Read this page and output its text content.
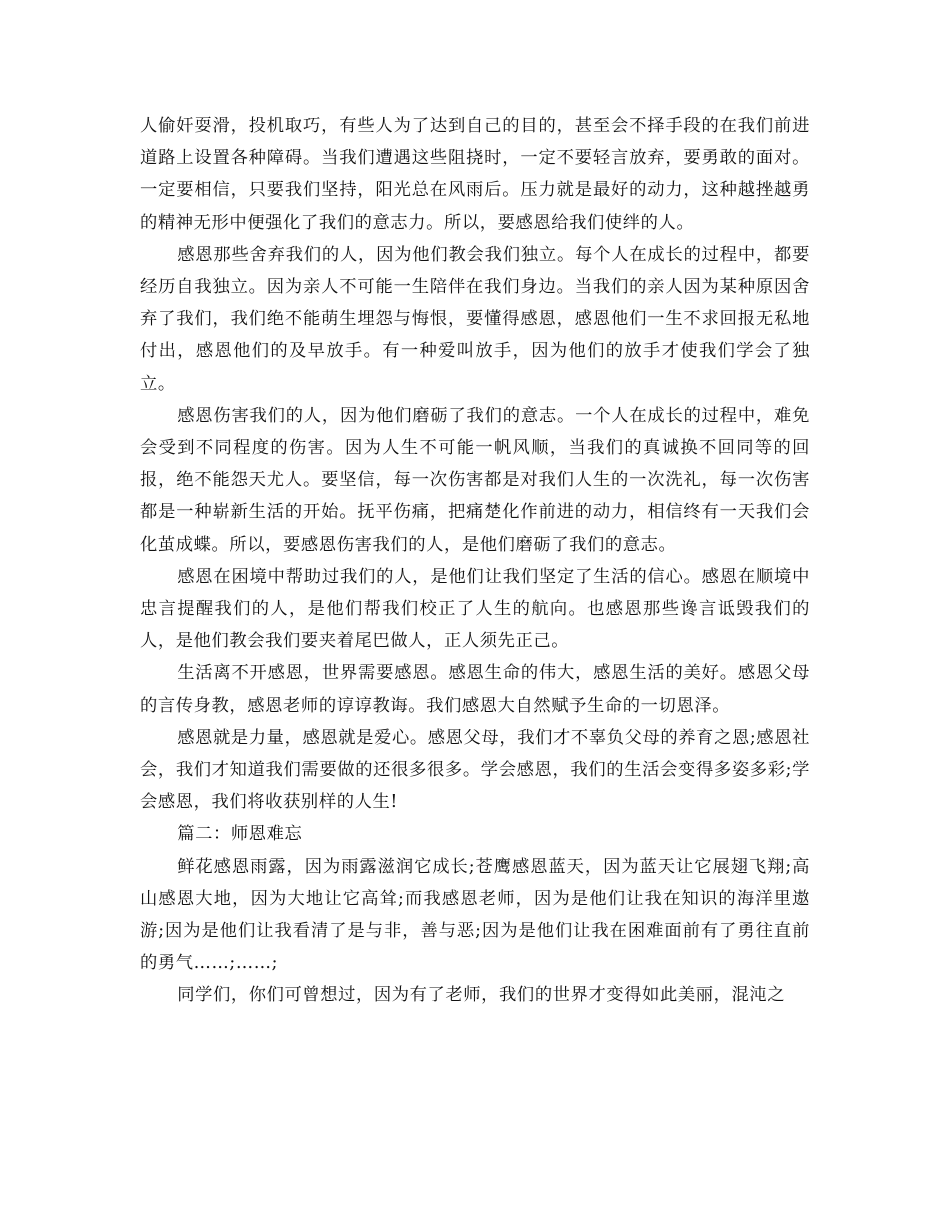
人偷奸耍滑，投机取巧，有些人为了达到自己的目的，甚至会不择手段的在我们前进道路上设置各种障碍。当我们遭遇这些阻挠时，一定不要轻言放弃，要勇敢的面对。一定要相信，只要我们坚持，阳光总在风雨后。压力就是最好的动力，这种越挫越勇的精神无形中便强化了我们的意志力。所以，要感恩给我们使绊的人。

感恩那些舍弃我们的人，因为他们教会我们独立。每个人在成长的过程中，都要经历自我独立。因为亲人不可能一生陪伴在我们身边。当我们的亲人因为某种原因舍弃了我们，我们绝不能萌生埋怨与悔恨，要懂得感恩，感恩他们一生不求回报无私地付出，感恩他们的及早放手。有一种爱叫放手，因为他们的放手才使我们学会了独立。

感恩伤害我们的人，因为他们磨砺了我们的意志。一个人在成长的过程中，难免会受到不同程度的伤害。因为人生不可能一帆风顺，当我们的真诚换不回同等的回报，绝不能怨天尤人。要坚信，每一次伤害都是对我们人生的一次洗礼，每一次伤害都是一种崭新生活的开始。抚平伤痛，把痛楚化作前进的动力，相信终有一天我们会化茧成蝶。所以，要感恩伤害我们的人，是他们磨砺了我们的意志。

感恩在困境中帮助过我们的人，是他们让我们坚定了生活的信心。感恩在顺境中忠言提醒我们的人，是他们帮我们校正了人生的航向。也感恩那些谗言诋毁我们的人，是他们教会我们要夹着尾巴做人，正人须先正己。

生活离不开感恩，世界需要感恩。感恩生命的伟大，感恩生活的美好。感恩父母的言传身教，感恩老师的谆谆教诲。我们感恩大自然赋予生命的一切恩泽。

感恩就是力量，感恩就是爱心。感恩父母，我们才不辜负父母的养育之恩;感恩社会，我们才知道我们需要做的还很多很多。学会感恩，我们的生活会变得多姿多彩;学会感恩，我们将收获别样的人生!

篇二：师恩难忘

鲜花感恩雨露，因为雨露滋润它成长;苍鹰感恩蓝天，因为蓝天让它展翅飞翔;高山感恩大地，因为大地让它高耸;而我感恩老师，因为是他们让我在知识的海洋里遨游;因为是他们让我看清了是与非，善与恶;因为是他们让我在困难面前有了勇往直前的勇气……;……;

同学们，你们可曾想过，因为有了老师，我们的世界才变得如此美丽，混沌之
